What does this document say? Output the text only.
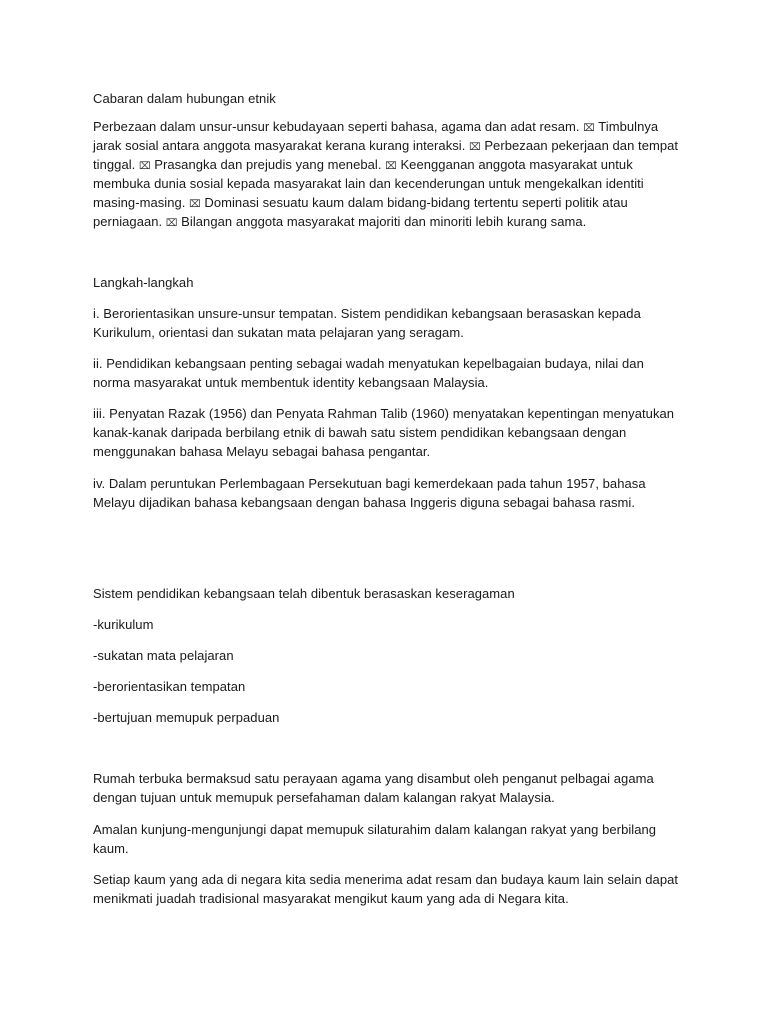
Cabaran dalam hubungan etnik

Perbezaan dalam unsur-unsur kebudayaan seperti bahasa, agama dan adat resam. ⌧ Timbulnya jarak sosial antara anggota masyarakat kerana kurang interaksi. ⌧ Perbezaan pekerjaan dan tempat tinggal. ⌧ Prasangka dan prejudis yang menebal. ⌧ Keengganan anggota masyarakat untuk membuka dunia sosial kepada masyarakat lain dan kecenderungan untuk mengekalkan identiti masing-masing. ⌧ Dominasi sesuatu kaum dalam bidang-bidang tertentu seperti politik atau perniagaan. ⌧ Bilangan anggota masyarakat majoriti dan minoriti lebih kurang sama.

Langkah-langkah

i. Berorientasikan unsure-unsur tempatan. Sistem pendidikan kebangsaan berasaskan kepada Kurikulum, orientasi dan sukatan mata pelajaran yang seragam.

ii. Pendidikan kebangsaan penting sebagai wadah menyatukan kepelbagaian budaya, nilai dan norma masyarakat untuk membentuk identity kebangsaan Malaysia.

iii. Penyatan Razak (1956) dan Penyata Rahman Talib (1960) menyatakan kepentingan menyatukan kanak-kanak daripada berbilang etnik di bawah satu sistem pendidikan kebangsaan dengan menggunakan bahasa Melayu sebagai bahasa pengantar.

iv. Dalam peruntukan Perlembagaan Persekutuan bagi kemerdekaan pada tahun 1957, bahasa Melayu dijadikan bahasa kebangsaan dengan bahasa Inggeris diguna sebagai bahasa rasmi.

Sistem pendidikan kebangsaan telah dibentuk berasaskan keseragaman

-kurikulum

-sukatan mata pelajaran

-berorientasikan tempatan

-bertujuan memupuk perpaduan

Rumah terbuka bermaksud satu perayaan agama yang disambut oleh penganut pelbagai agama dengan tujuan untuk memupuk persefahaman dalam kalangan rakyat Malaysia.

Amalan kunjung-mengunjungi dapat memupuk silaturahim dalam kalangan rakyat yang berbilang kaum.

Setiap kaum yang ada di negara kita sedia menerima adat resam dan budaya kaum lain selain dapat menikmati juadah tradisional masyarakat mengikut kaum yang ada di Negara kita.
